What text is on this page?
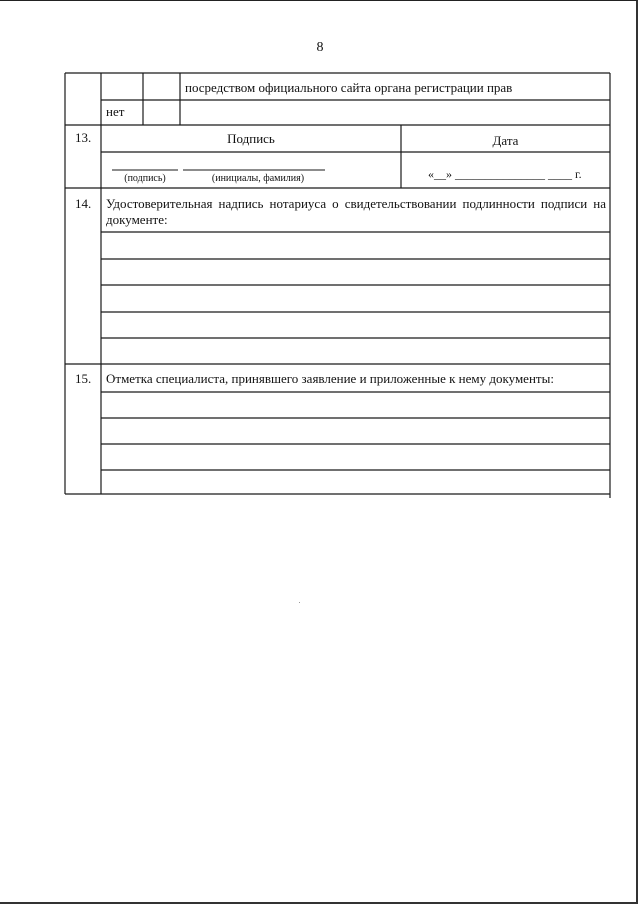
8
посредством официального сайта органа регистрации прав
нет
13.	Подпись	Дата
(подпись)	(инициалы, фамилия)	«__» _______________ ____ г.
14. Удостоверительная надпись нотариуса о свидетельствовании подлинности подписи на документе:
15. Отметка специалиста, принявшего заявление и приложенные к нему документы:
